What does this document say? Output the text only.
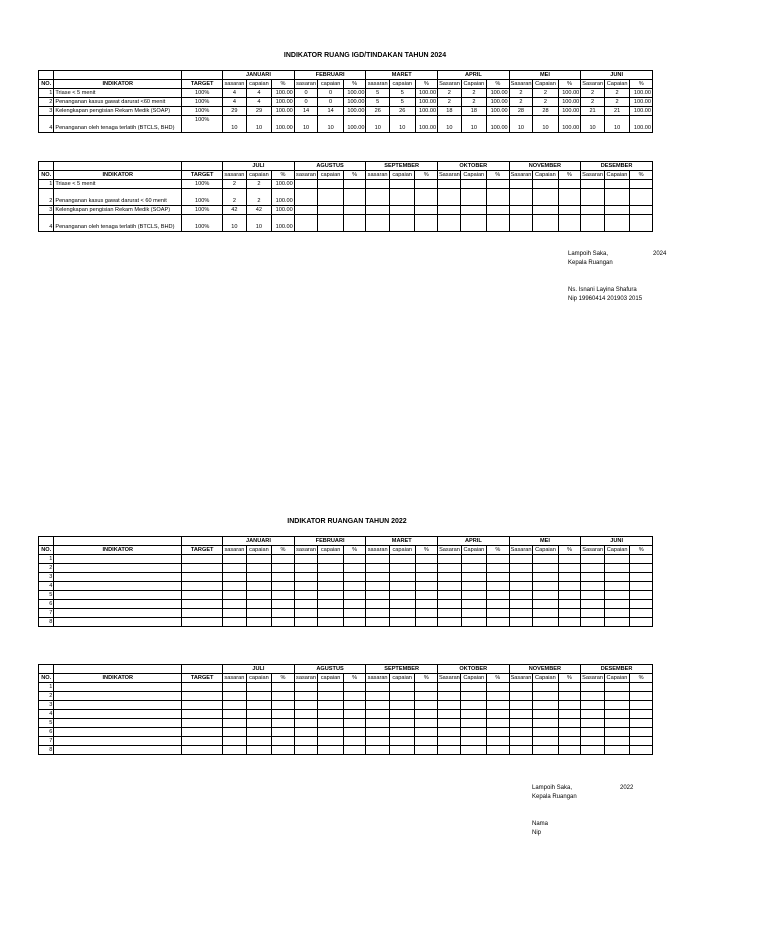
INDIKATOR RUANG IGD/TINDAKAN TAHUN 2024
			JANUARI			FEBRUARI			MARET			APRIL			MEI			JUNI		
NO.	INDIKATOR	TARGET	sasaran	capaian	%	sasaran	capaian	%	sasaran	capaian	%	Sasaran	Capaian	%	Sasaran	Capaian	%	Sasaran	Capaian	%
1	Triase < 5 menit	100%	4	4	100.00	0	0	100.00	5	5	100.00	2	2	100.00	2	2	100.00	2	2	100.00
2	Penanganan kasus gawat darurat <60 menit	100%	4	4	100.00	0	0	100.00	5	5	100.00	2	2	100.00	2	2	100.00	2	2	100.00
3	Kelengkapan pengisian Rekam Medik (SOAP)	100%	29	29	100.00	14	14	100.00	26	26	100.00	18	18	100.00	28	28	100.00	21	21	100.00
4	Penanganan oleh tenaga terlatih (BTCLS, BHD)	100%	10	10	100.00	10	10	100.00	10	10	100.00	10	10	100.00	10	10	100.00	10	10	100.00
			JULI			AGUSTUS			SEPTEMBER			OKTOBER			NOVEMBER			DESEMBER		
NO.	INDIKATOR	TARGET	sasaran	capaian	%	sasaran	capaian	%	sasaran	capaian	%	Sasaran	Capaian	%	Sasaran	Capaian	%	Sasaran	Capaian	%
1	Triase < 5 menit	100%	2	2	100.00															
2	Penanganan kasus gawat darurat < 60 menit	100%	2	2	100.00															
3	Kelengkapan pengisian Rekam Medik (SOAP)	100%	42	42	100.00															
4	Penanganan oleh tenaga terlatih (BTCLS, BHD)	100%	10	10	100.00															
Lampoih Saka,	2024
Kepala Ruangan
Ns. Isnani Layina Shafura
Nip 19960414 201903 2015
INDIKATOR RUANGAN TAHUN 2022
			JANUARI			FEBRUARI			MARET			APRIL			MEI			JUNI		
NO.	INDIKATOR	TARGET	sasaran	capaian	%	sasaran	capaian	%	sasaran	capaian	%	Sasaran	Capaian	%	Sasaran	Capaian	%	Sasaran	Capaian	%
1																				
2																				
3																				
4																				
5																				
6																				
7																				
8																				
			JULI			AGUSTUS			SEPTEMBER			OKTOBER			NOVEMBER			DESEMBER		
NO.	INDIKATOR	TARGET	sasaran	capaian	%	sasaran	capaian	%	sasaran	capaian	%	Sasaran	Capaian	%	Sasaran	Capaian	%	Sasaran	Capaian	%
1																				
2																				
3																				
4																				
5																				
6																				
7																				
8																				
Lampoih Saka,	2022
Kepala Ruangan
Nama
Nip
